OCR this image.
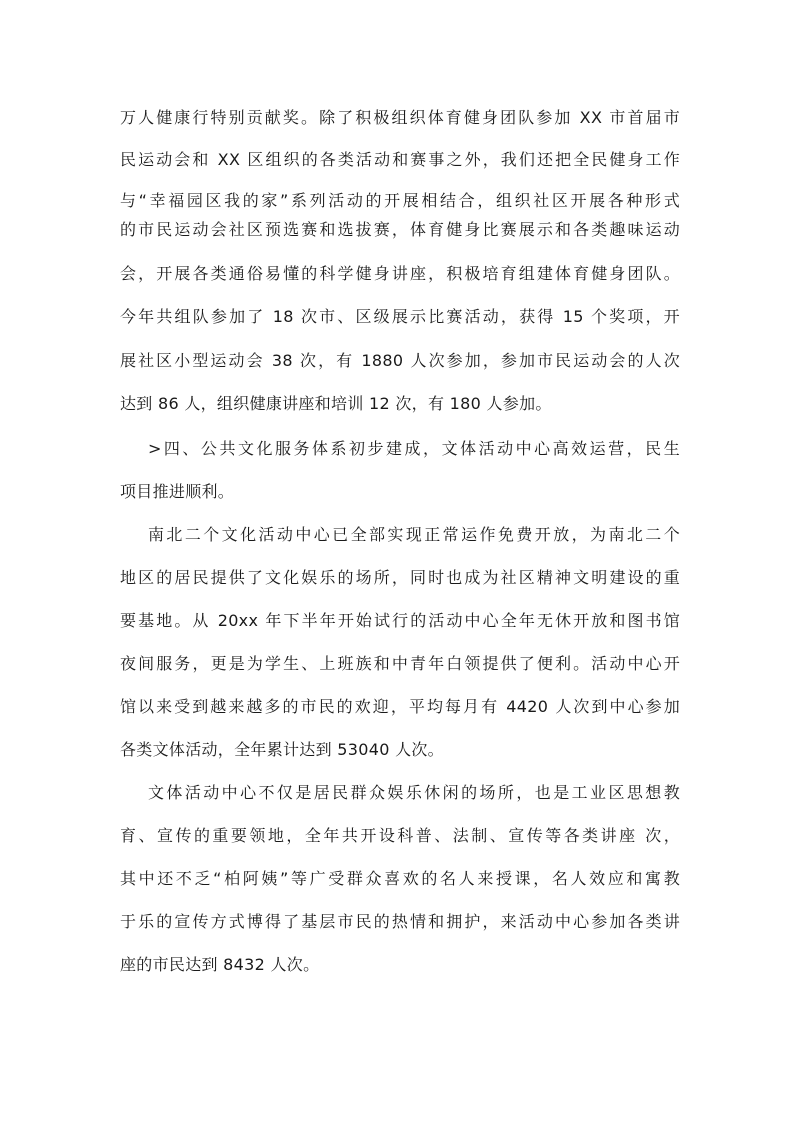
万人健康行特别贡献奖。除了积极组织体育健身团队参加 XX 市首届市
民运动会和 XX 区组织的各类活动和赛事之外，我们还把全民健身工作
与“幸福园区我的家”系列活动的开展相结合，组织社区开展各种形式
的市民运动会社区预选赛和选拔赛，体育健身比赛展示和各类趣味运动
会，开展各类通俗易懂的科学健身讲座，积极培育组建体育健身团队。
今年共组队参加了 18 次市、区级展示比赛活动，获得 15 个奖项，开
展社区小型运动会 38 次，有 1880 人次参加，参加市民运动会的人次
达到 86 人，组织健康讲座和培训 12 次，有 180 人参加。
>四、公共文化服务体系初步建成，文体活动中心高效运营，民生
项目推进顺利。
南北二个文化活动中心已全部实现正常运作免费开放，为南北二个
地区的居民提供了文化娱乐的场所，同时也成为社区精神文明建设的重
要基地。从 20xx 年下半年开始试行的活动中心全年无休开放和图书馆
夜间服务，更是为学生、上班族和中青年白领提供了便利。活动中心开
馆以来受到越来越多的市民的欢迎，平均每月有 4420 人次到中心参加
各类文体活动，全年累计达到 53040 人次。
文体活动中心不仅是居民群众娱乐休闲的场所，也是工业区思想教
育、宣传的重要领地，全年共开设科普、法制、宣传等各类讲座 次，
其中还不乏“柏阿姨”等广受群众喜欢的名人来授课，名人效应和寓教
于乐的宣传方式博得了基层市民的热情和拥护，来活动中心参加各类讲
座的市民达到 8432 人次。
